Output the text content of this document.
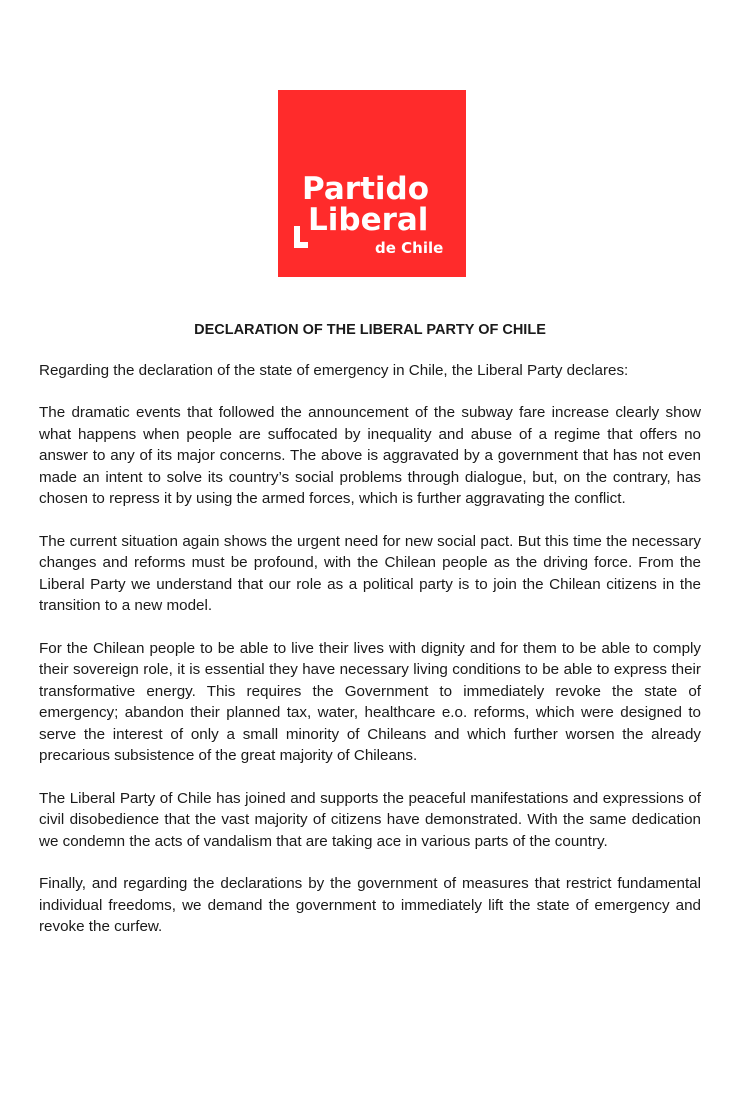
Partido
Liberal
de Chile
DECLARATION OF THE LIBERAL PARTY OF CHILE

Regarding the declaration of the state of emergency in Chile, the Liberal Party declares:

The dramatic events that followed the announcement of the subway fare increase clearly show what happens when people are suffocated by inequality and abuse of a regime that offers no answer to any of its major concerns. The above is aggravated by a government that has not even made an intent to solve its country’s social problems through dialogue, but, on the contrary, has chosen to repress it by using the armed forces, which is further aggravating the conflict.

The current situation again shows the urgent need for new social pact. But this time the necessary changes and reforms must be profound, with the Chilean people as the driving force. From the Liberal Party we understand that our role as a political party is to join the Chilean citizens in the transition to a new model.

For the Chilean people to be able to live their lives with dignity and for them to be able to comply their sovereign role, it is essential they have necessary living conditions to be able to express their transformative energy. This requires the Government to immediately revoke the state of emergency; abandon their planned tax, water, healthcare e.o. reforms, which were designed to serve the interest of only a small minority of Chileans and which further worsen the already precarious subsistence of the great majority of Chileans.

The Liberal Party of Chile has joined and supports the peaceful manifestations and expressions of civil disobedience that the vast majority of citizens have demonstrated. With the same dedication we condemn the acts of vandalism that are taking ace in various parts of the country.

Finally, and regarding the declarations by the government of measures that restrict fundamental individual freedoms, we demand the government to immediately lift the state of emergency and revoke the curfew.
